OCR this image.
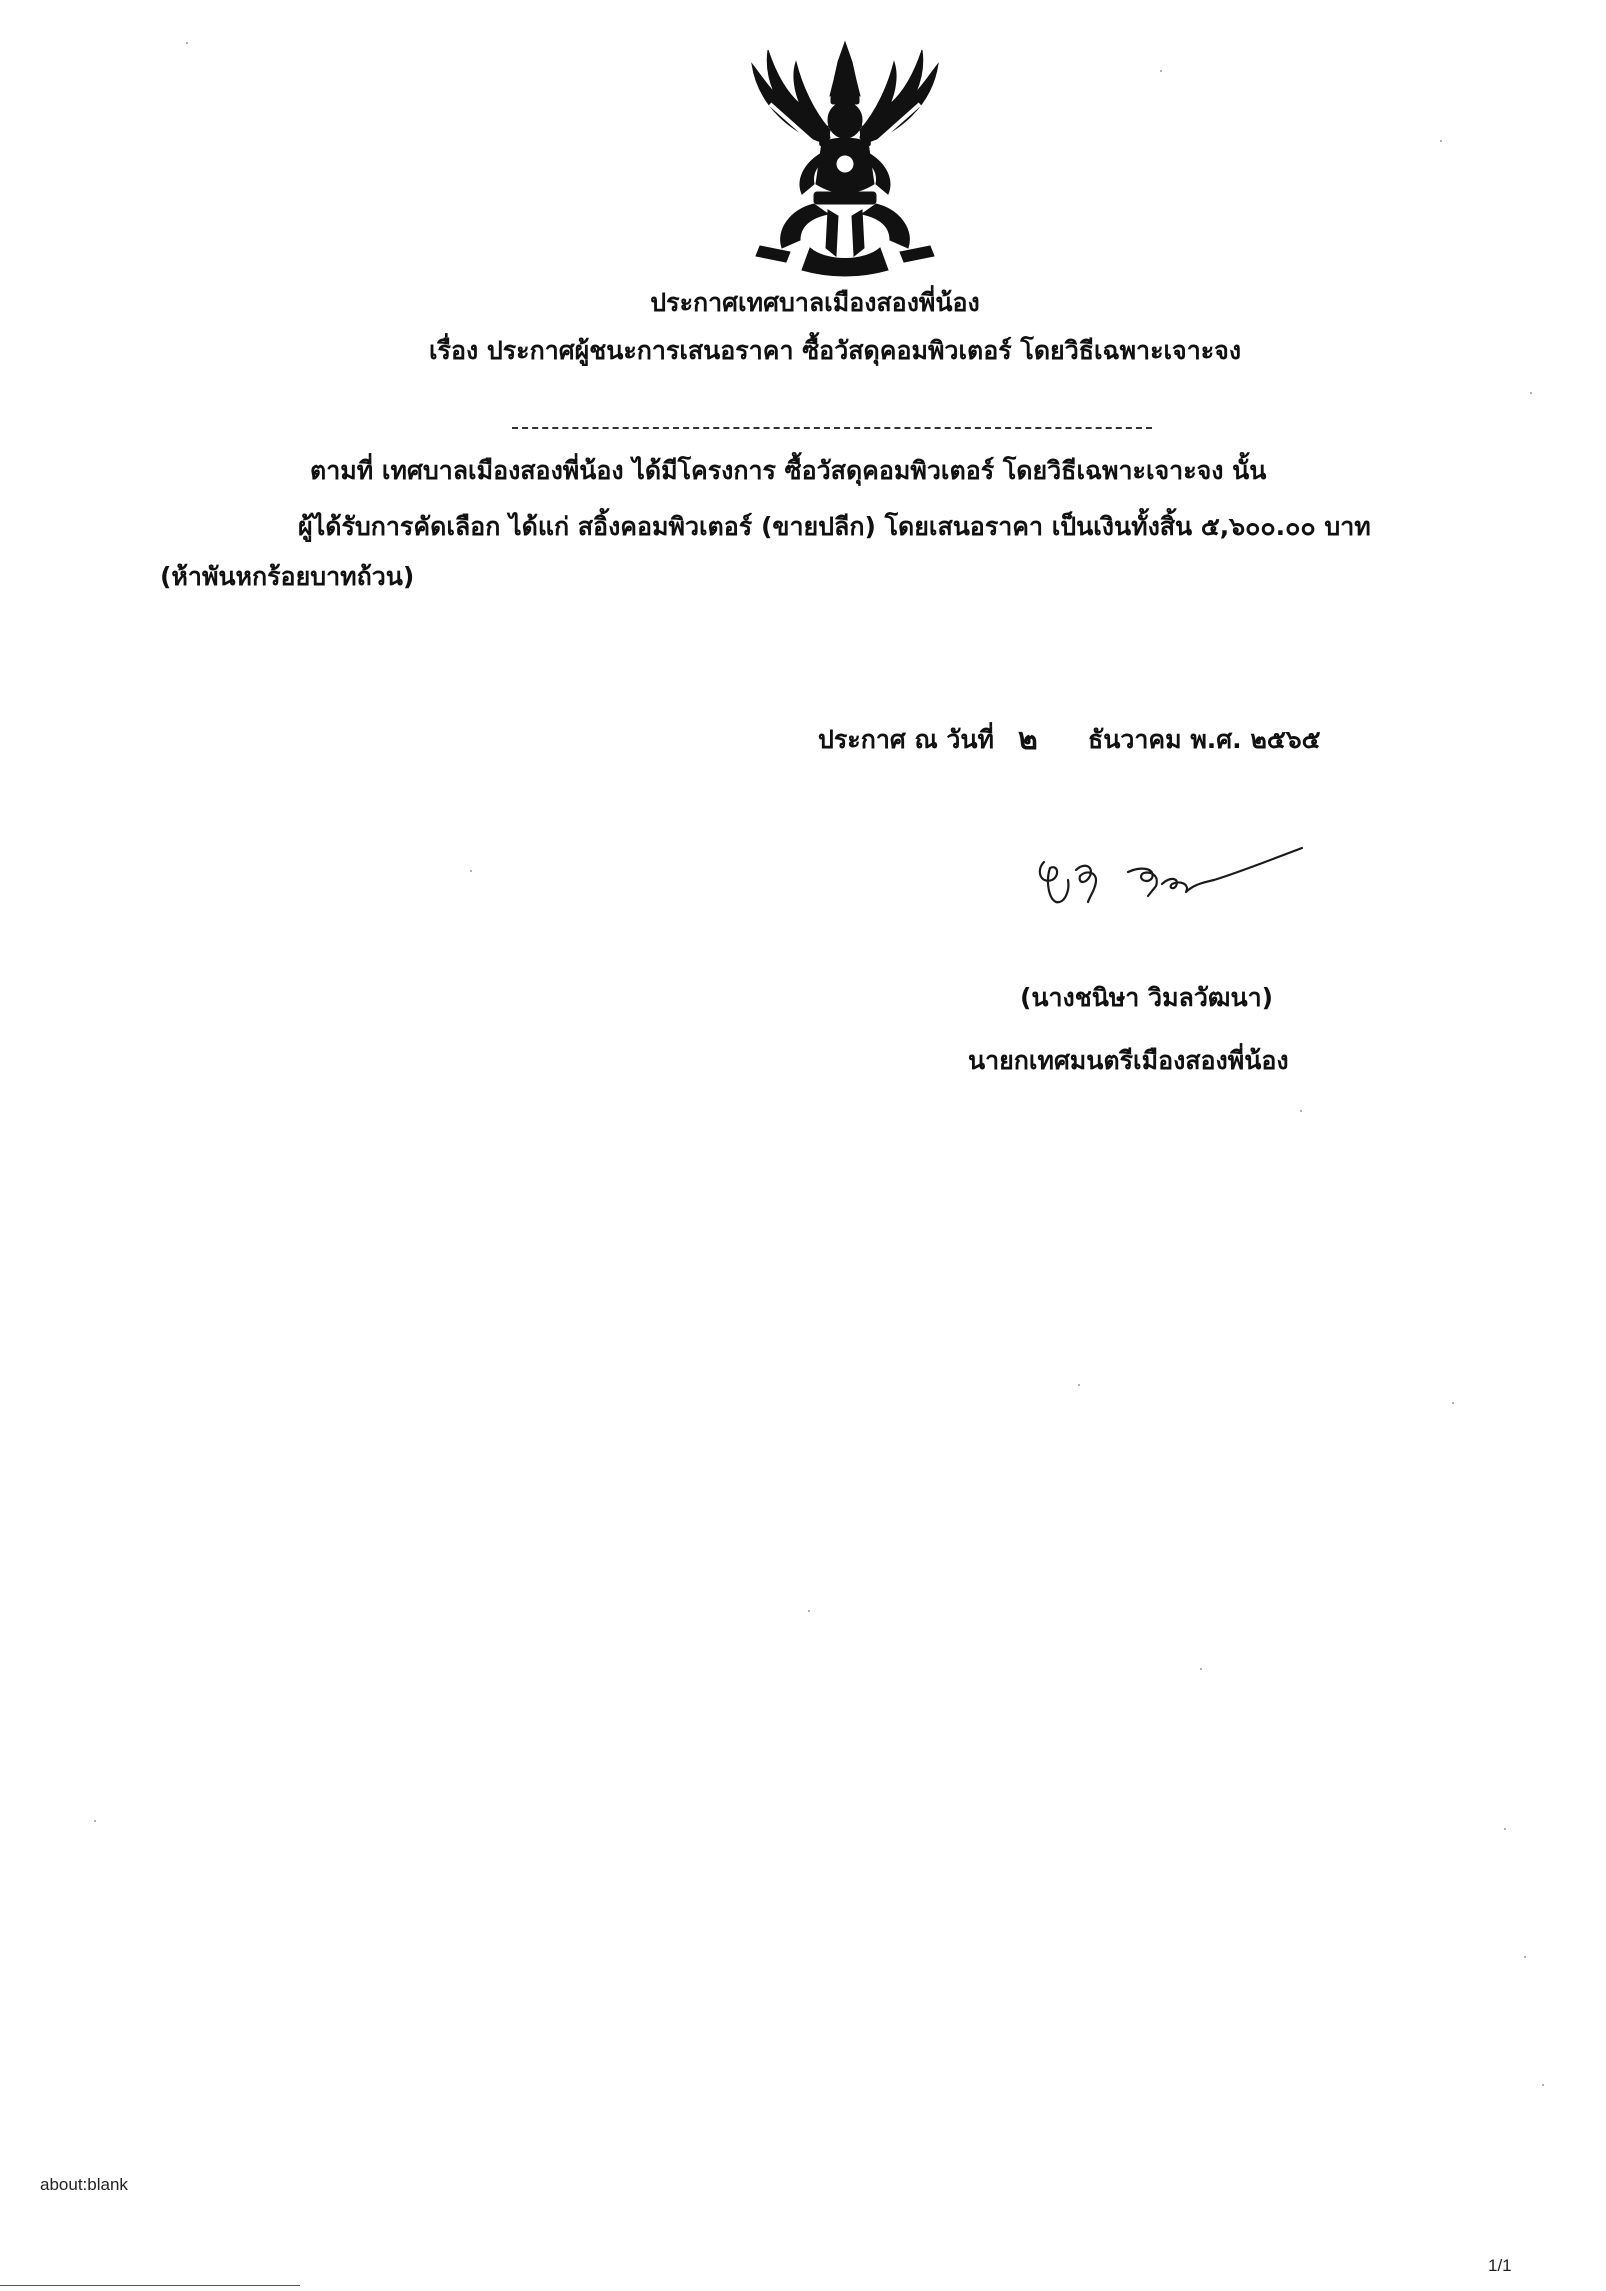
ประกาศเทศบาลเมืองสองพี่น้อง
เรื่อง ประกาศผู้ชนะการเสนอราคา ซื้อวัสดุคอมพิวเตอร์ โดยวิธีเฉพาะเจาะจง
ตามที่ เทศบาลเมืองสองพี่น้อง ได้มีโครงการ ซื้อวัสดุคอมพิวเตอร์ โดยวิธีเฉพาะเจาะจง นั้น
ผู้ได้รับการคัดเลือก ได้แก่ สอิ้งคอมพิวเตอร์ (ขายปลีก) โดยเสนอราคา เป็นเงินทั้งสิ้น ๕,๖๐๐.๐๐ บาท
(ห้าพันหกร้อยบาทถ้วน)
ประกาศ ณ วันที่ ๒ ธันวาคม พ.ศ. ๒๕๖๕
(นางชนิษา วิมลวัฒนา)
นายกเทศมนตรีเมืองสองพี่น้อง
about:blank
1/1
